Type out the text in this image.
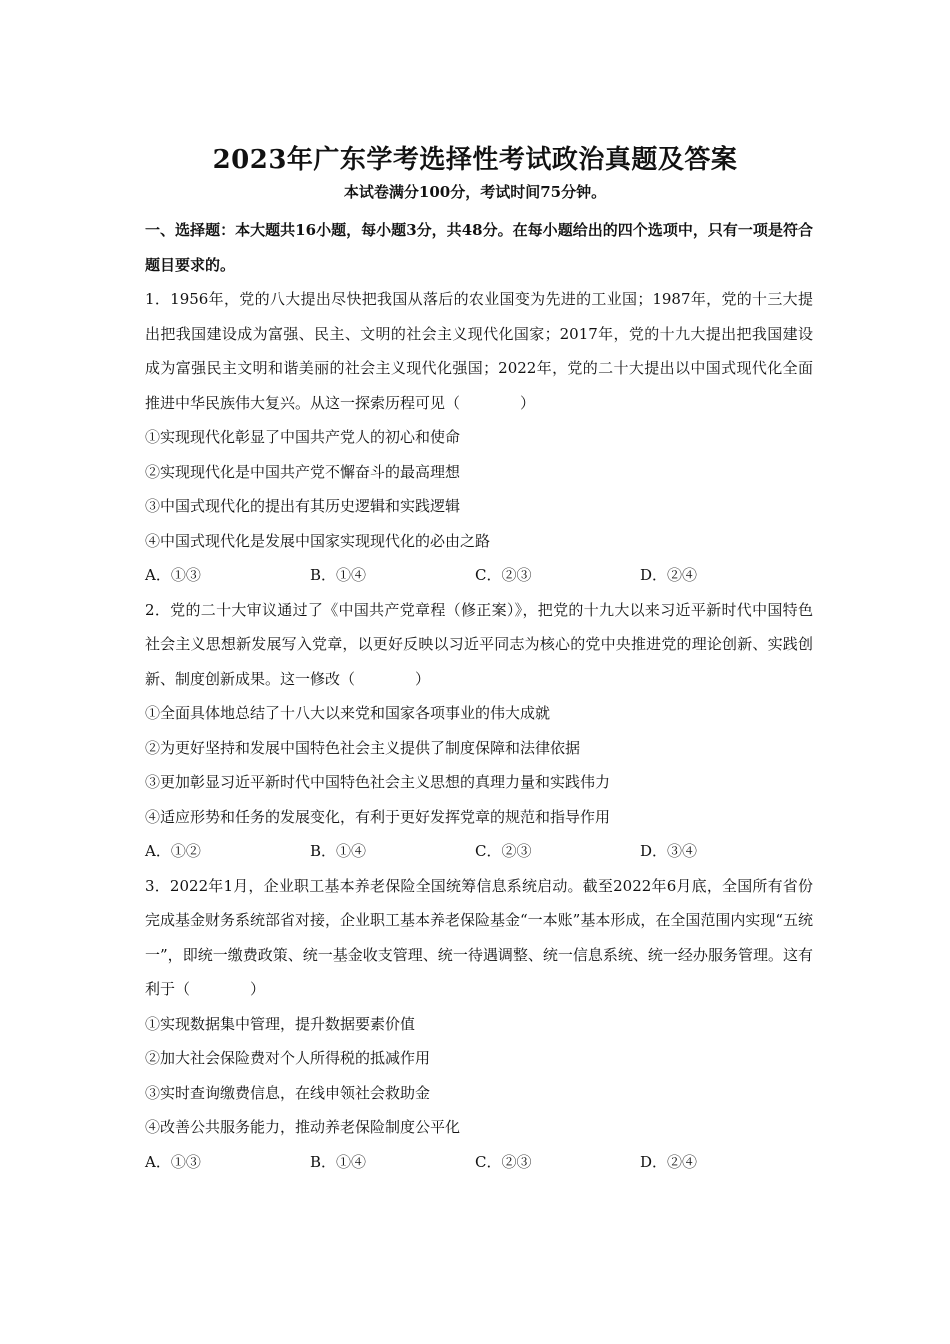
2023年广东学考选择性考试政治真题及答案
本试卷满分100分，考试时间75分钟。

一、选择题：本大题共16小题，每小题3分，共48分。在每小题给出的四个选项中，只有一项是符合题目要求的。

1．1956年，党的八大提出尽快把我国从落后的农业国变为先进的工业国；1987年，党的十三大提出把我国建设成为富强、民主、文明的社会主义现代化国家；2017年，党的十九大提出把我国建设成为富强民主文明和谐美丽的社会主义现代化强国；2022年，党的二十大提出以中国式现代化全面推进中华民族伟大复兴。从这一探索历程可见（　　　　）

①实现现代化彰显了中国共产党人的初心和使命

②实现现代化是中国共产党不懈奋斗的最高理想

③中国式现代化的提出有其历史逻辑和实践逻辑

④中国式现代化是发展中国家实现现代化的必由之路

A．①③	B．①④	C．②③	D．②④

2．党的二十大审议通过了《中国共产党章程（修正案）》，把党的十九大以来习近平新时代中国特色社会主义思想新发展写入党章，以更好反映以习近平同志为核心的党中央推进党的理论创新、实践创新、制度创新成果。这一修改（　　　　）

①全面具体地总结了十八大以来党和国家各项事业的伟大成就

②为更好坚持和发展中国特色社会主义提供了制度保障和法律依据

③更加彰显习近平新时代中国特色社会主义思想的真理力量和实践伟力

④适应形势和任务的发展变化，有利于更好发挥党章的规范和指导作用

A．①②	B．①④	C．②③	D．③④

3．2022年1月，企业职工基本养老保险全国统筹信息系统启动。截至2022年6月底，全国所有省份完成基金财务系统部省对接，企业职工基本养老保险基金“一本账”基本形成，在全国范围内实现“五统一”，即统一缴费政策、统一基金收支管理、统一待遇调整、统一信息系统、统一经办服务管理。这有利于（　　　　）

①实现数据集中管理，提升数据要素价值

②加大社会保险费对个人所得税的抵减作用

③实时查询缴费信息，在线申领社会救助金

④改善公共服务能力，推动养老保险制度公平化

A．①③	B．①④	C．②③	D．②④
